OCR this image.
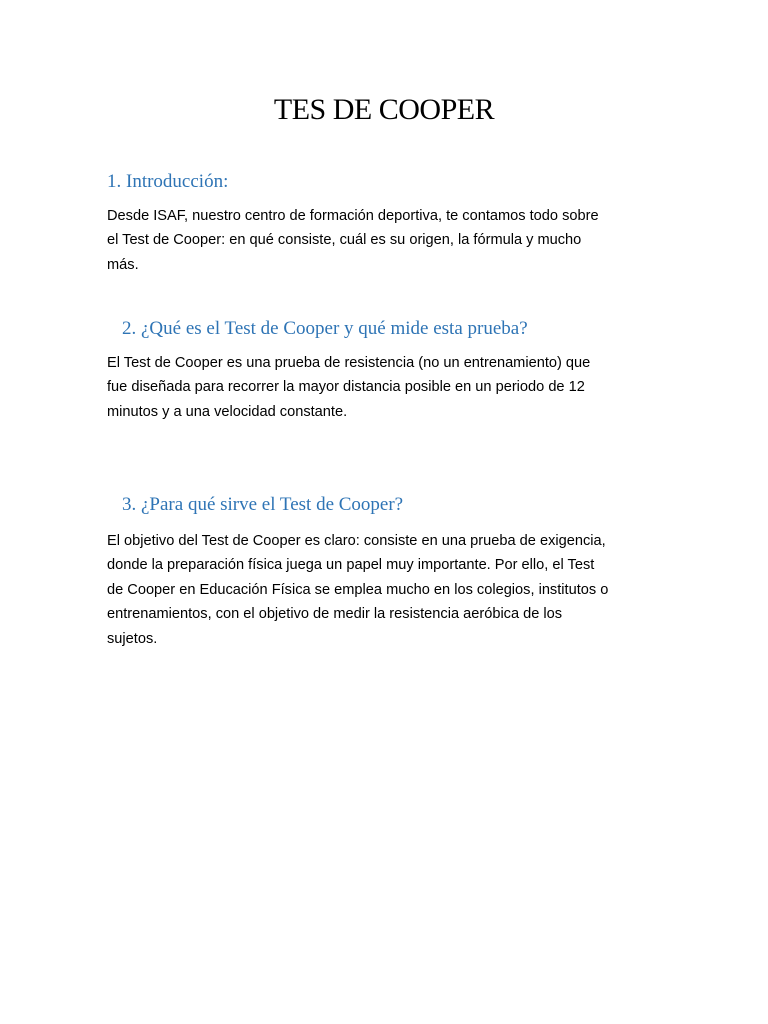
TES DE COOPER
1. Introducción:
Desde ISAF, nuestro centro de formación deportiva, te contamos todo sobre
el Test de Cooper: en qué consiste, cuál es su origen, la fórmula y mucho
más.
2. ¿Qué es el Test de Cooper y qué mide esta prueba?
El Test de Cooper es una prueba de resistencia (no un entrenamiento) que
fue diseñada para recorrer la mayor distancia posible en un periodo de 12
minutos y a una velocidad constante.
3. ¿Para qué sirve el Test de Cooper?
El objetivo del Test de Cooper es claro: consiste en una prueba de exigencia,
donde la preparación física juega un papel muy importante. Por ello, el Test
de Cooper en Educación Física se emplea mucho en los colegios, institutos o
entrenamientos, con el objetivo de medir la resistencia aeróbica de los
sujetos.
